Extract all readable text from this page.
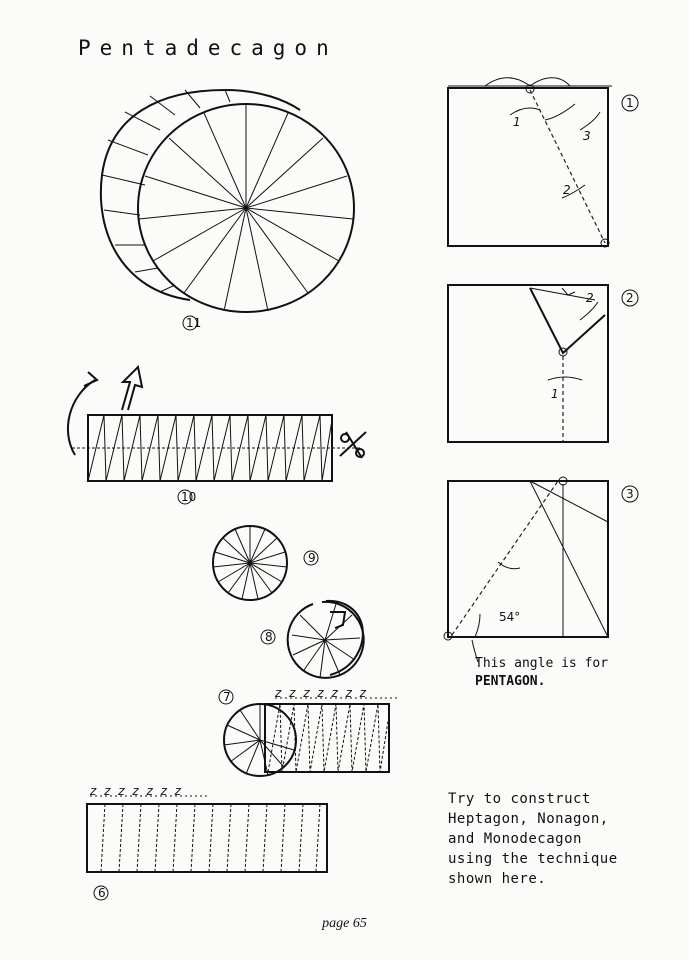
Pentadecagon
11
10
9
8
z z z z z z z
7
z z z z z z z
6
1
3
2
1
2
1
2
54°
3
This angle is for
PENTAGON.
Try to construct
Heptagon, Nonagon,
and Monodecagon
using the technique
shown here.
page 65
